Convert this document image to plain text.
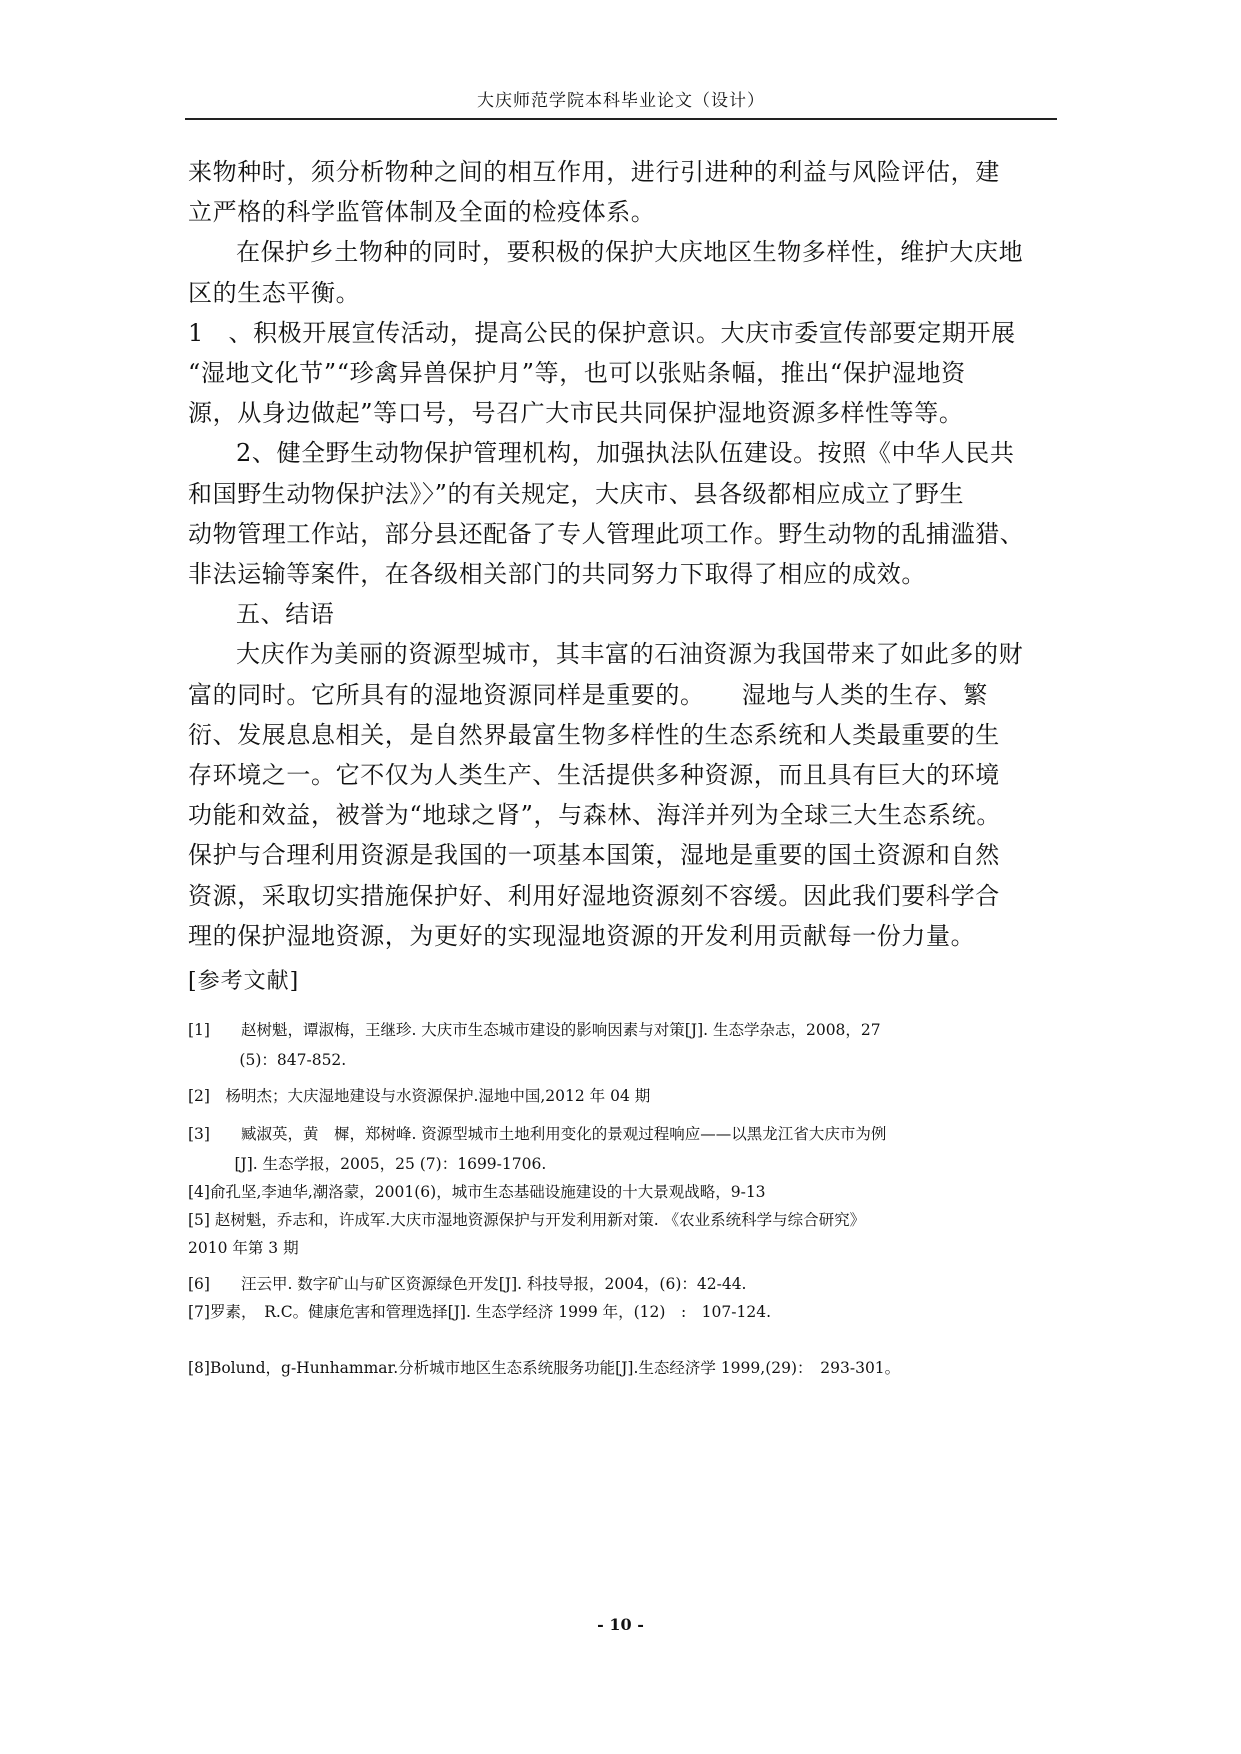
大庆师范学院本科毕业论文（设计）

来物种时，须分析物种之间的相互作用，进行引进种的利益与风险评估，建

立严格的科学监管体制及全面的检疫体系。

在保护乡土物种的同时，要积极的保护大庆地区生物多样性，维护大庆地

区的生态平衡。

1　、积极开展宣传活动，提高公民的保护意识。大庆市委宣传部要定期开展

“湿地文化节”“珍禽异兽保护月”等，也可以张贴条幅，推出“保护湿地资

源，从身边做起”等口号，号召广大市民共同保护湿地资源多样性等等。

2、健全野生动物保护管理机构，加强执法队伍建设。按照《中华人民共

和国野生动物保护法》〉”的有关规定，大庆市、县各级都相应成立了野生

动物管理工作站，部分县还配备了专人管理此项工作。野生动物的乱捕滥猎、

非法运输等案件，在各级相关部门的共同努力下取得了相应的成效。

五、结语

大庆作为美丽的资源型城市，其丰富的石油资源为我国带来了如此多的财

富的同时。它所具有的湿地资源同样是重要的。　　湿地与人类的生存、繁

衍、发展息息相关，是自然界最富生物多样性的生态系统和人类最重要的生

存环境之一。它不仅为人类生产、生活提供多种资源，而且具有巨大的环境

功能和效益，被誉为“地球之肾”，与森林、海洋并列为全球三大生态系统。

保护与合理利用资源是我国的一项基本国策，湿地是重要的国土资源和自然

资源，采取切实措施保护好、利用好湿地资源刻不容缓。因此我们要科学合

理的保护湿地资源，为更好的实现湿地资源的开发利用贡献每一份力量。

[参考文献]

[1]　　赵树魁，谭淑梅，王继珍. 大庆市生态城市建设的影响因素与对策[J]. 生态学杂志，2008，27

　　　 (5)：847-852.

[2]　杨明杰；大庆湿地建设与水资源保护.湿地中国,2012 年 04 期

[3]　　臧淑英，黄　樨，郑树峰. 资源型城市土地利用变化的景观过程响应——以黑龙江省大庆市为例

　　　[J]. 生态学报，2005，25 (7)：1699-1706.

[4]俞孔坚,李迪华,潮洛蒙，2001(6)，城市生态基础设施建设的十大景观战略，9-13

[5] 赵树魁，乔志和，许成军.大庆市湿地资源保护与开发利用新对策. 《农业系统科学与综合研究》

2010 年第 3 期

[6]　　汪云甲. 数字矿山与矿区资源绿色开发[J]. 科技导报，2004，(6)：42-44.

[7]罗素，　R.C。健康危害和管理选择[J]. 生态学经济 1999 年，(12)　:　107-124.

[8]Bolund，g-Hunhammar.分析城市地区生态系统服务功能[J].生态经济学 1999,(29)：　293-301。

- 10 -
